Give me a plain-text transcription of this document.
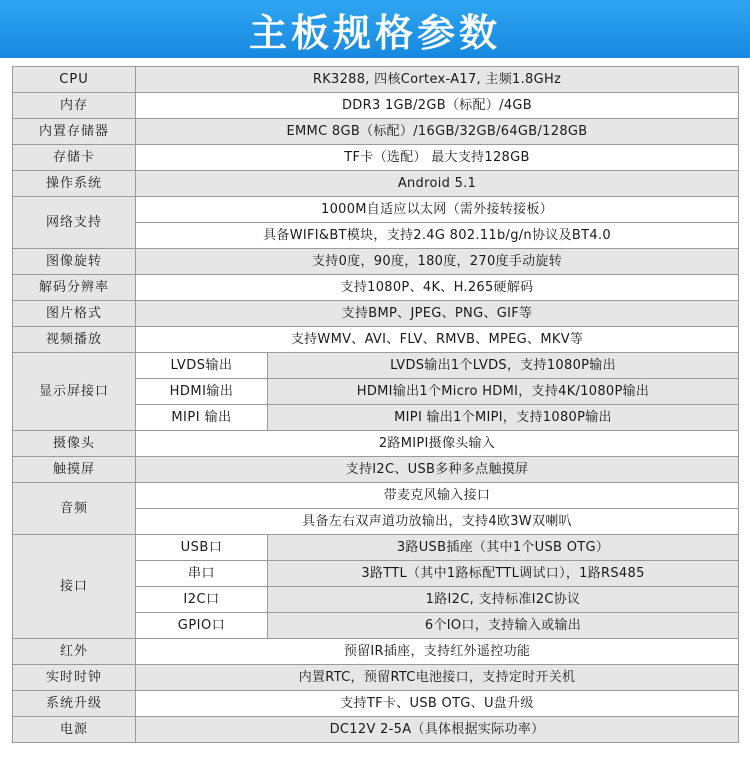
主板规格参数
CPU	RK3288, 四核Cortex-A17, 主频1.8GHz	
内存	DDR3 1GB/2GB（标配）/4GB	
内置存储器	EMMC 8GB（标配）/16GB/32GB/64GB/128GB	
存储卡	TF卡（选配） 最大支持128GB	
操作系统	Android 5.1	
网络支持	1000M自适应以太网（需外接转接板）	
	具备WIFI&BT模块，支持2.4G 802.11b/g/n协议及BT4.0	
图像旋转	支持0度，90度，180度，270度手动旋转	
解码分辨率	支持1080P、4K、H.265硬解码	
图片格式	支持BMP、JPEG、PNG、GIF等	
视频播放	支持WMV、AVI、FLV、RMVB、MPEG、MKV等	
显示屏接口	LVDS输出	LVDS输出1个LVDS，支持1080P输出
	HDMI输出	HDMI输出1个Micro HDMI，支持4K/1080P输出
	MIPI 输出	MIPI 输出1个MIPI，支持1080P输出
摄像头	2路MIPI摄像头输入	
触摸屏	支持I2C、USB多种多点触摸屏	
音频	带麦克风输入接口	
	具备左右双声道功放输出，支持4欧3W双喇叭	
接口	USB口	3路USB插座（其中1个USB OTG）
	串口	3路TTL（其中1路标配TTL调试口），1路RS485
	I2C口	1路I2C, 支持标准I2C协议
	GPIO口	6个IO口，支持输入或输出
红外	预留IR插座，支持红外遥控功能	
实时时钟	内置RTC，预留RTC电池接口，支持定时开关机	
系统升级	支持TF卡、USB OTG、U盘升级	
电源	DC12V 2-5A（具体根据实际功率）	
